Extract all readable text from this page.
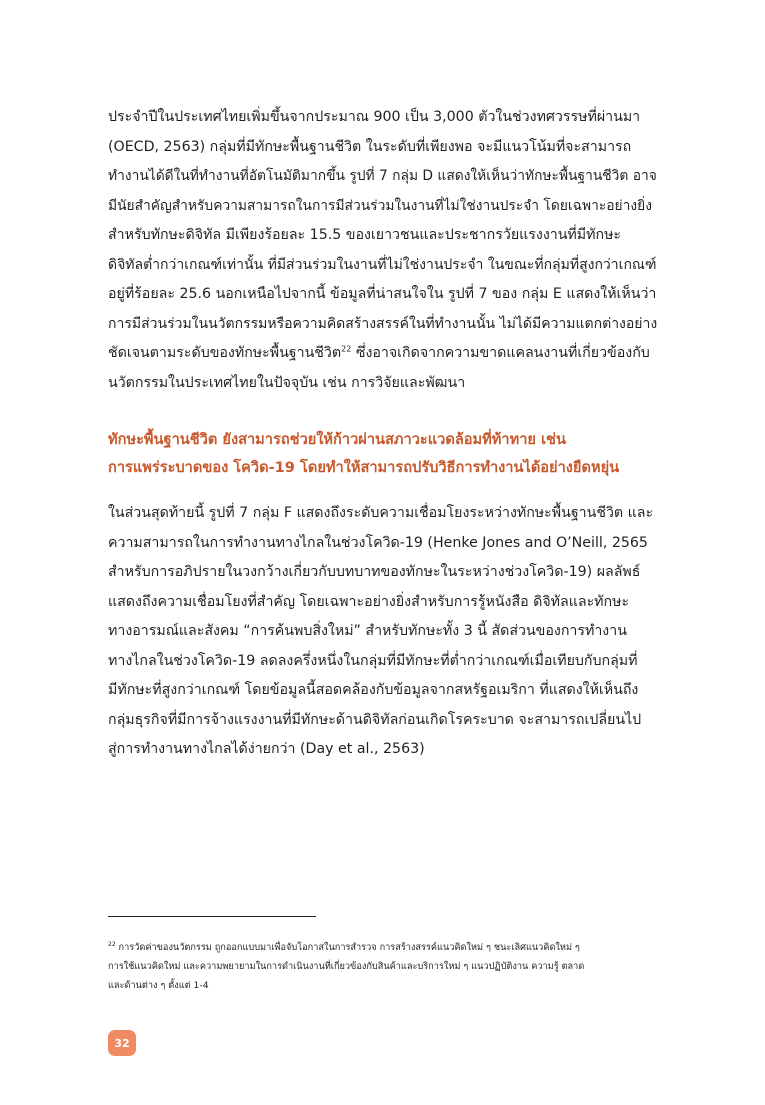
ประจำปีในประเทศไทยเพิ่มขึ้นจากประมาณ 900 เป็น 3,000 ตัวในช่วงทศวรรษที่ผ่านมา
(OECD, 2563) กลุ่มที่มีทักษะพื้นฐานชีวิต ในระดับที่เพียงพอ จะมีแนวโน้มที่จะสามารถ
ทำงานได้ดีในที่ทำงานที่อัตโนมัติมากขึ้น รูปที่ 7 กลุ่ม D แสดงให้เห็นว่าทักษะพื้นฐานชีวิต อาจ
มีนัยสำคัญสำหรับความสามารถในการมีส่วนร่วมในงานที่ไม่ใช่งานประจำ โดยเฉพาะอย่างยิ่ง
สำหรับทักษะดิจิทัล มีเพียงร้อยละ 15.5 ของเยาวชนและประชากรวัยแรงงานที่มีทักษะ
ดิจิทัลต่ำกว่าเกณฑ์เท่านั้น ที่มีส่วนร่วมในงานที่ไม่ใช่งานประจำ ในขณะที่กลุ่มที่สูงกว่าเกณฑ์
อยู่ที่ร้อยละ 25.6 นอกเหนือไปจากนี้ ข้อมูลที่น่าสนใจใน รูปที่ 7 ของ กลุ่ม E แสดงให้เห็นว่า
การมีส่วนร่วมในนวัตกรรมหรือความคิดสร้างสรรค์ในที่ทำงานนั้น ไม่ได้มีความแตกต่างอย่าง
ชัดเจนตามระดับของทักษะพื้นฐานชีวิต$^{22}$ ซึ่งอาจเกิดจากความขาดแคลนงานที่เกี่ยวข้องกับ
นวัตกรรมในประเทศไทยในปัจจุบัน เช่น การวิจัยและพัฒนา
ทักษะพื้นฐานชีวิต ยังสามารถช่วยให้ก้าวผ่านสภาวะแวดล้อมที่ท้าทาย เช่น
การแพร่ระบาดของ โควิด-19 โดยทำให้สามารถปรับวิธีการทำงานได้อย่างยืดหยุ่น
ในส่วนสุดท้ายนี้ รูปที่ 7 กลุ่ม F แสดงถึงระดับความเชื่อมโยงระหว่างทักษะพื้นฐานชีวิต และ
ความสามารถในการทำงานทางไกลในช่วงโควิด-19 (Henke Jones and O’Neill, 2565
สำหรับการอภิปรายในวงกว้างเกี่ยวกับบทบาทของทักษะในระหว่างช่วงโควิด-19) ผลลัพธ์
แสดงถึงความเชื่อมโยงที่สำคัญ โดยเฉพาะอย่างยิ่งสำหรับการรู้หนังสือ ดิจิทัลและทักษะ
ทางอารมณ์และสังคม “การค้นพบสิ่งใหม่” สำหรับทักษะทั้ง 3 นี้ สัดส่วนของการทำงาน
ทางไกลในช่วงโควิด-19 ลดลงครึ่งหนึ่งในกลุ่มที่มีทักษะที่ต่ำกว่าเกณฑ์เมื่อเทียบกับกลุ่มที่
มีทักษะที่สูงกว่าเกณฑ์ โดยข้อมูลนี้สอดคล้องกับข้อมูลจากสหรัฐอเมริกา ที่แสดงให้เห็นถึง
กลุ่มธุรกิจที่มีการจ้างแรงงานที่มีทักษะด้านดิจิทัลก่อนเกิดโรคระบาด จะสามารถเปลี่ยนไป
สู่การทำงานทางไกลได้ง่ายกว่า (Day et al., 2563)
$^{22}$ การวัดค่าของนวัตกรรม ถูกออกแบบมาเพื่อจับโอกาสในการสำรวจ การสร้างสรรค์แนวคิดใหม่ ๆ ชนะเลิศแนวคิดใหม่ ๆ
การใช้แนวคิดใหม่ และความพยายามในการดำเนินงานที่เกี่ยวข้องกับสินค้าและบริการใหม่ ๆ แนวปฏิบัติงาน ความรู้ ตลาด
และด้านต่าง ๆ ตั้งแต่ 1-4
32
